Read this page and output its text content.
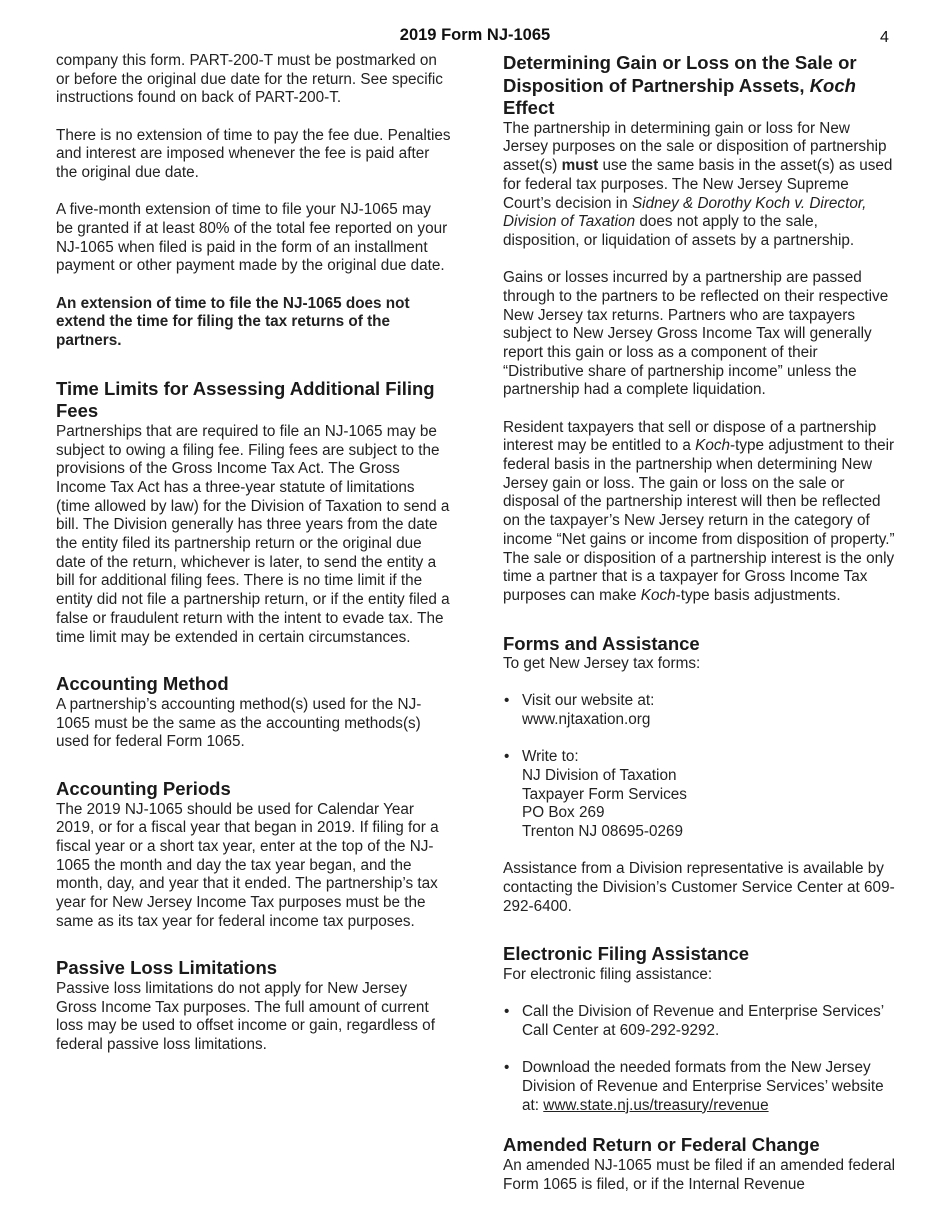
2019 Form NJ-1065	4

company this form. PART-200-T must be postmarked on or before the original due date for the return. See specific instructions found on back of PART-200-T.

There is no extension of time to pay the fee due. Penalties and interest are imposed whenever the fee is paid after the original due date.

A five-month extension of time to file your NJ-1065 may be granted if at least 80% of the total fee reported on your NJ-1065 when filed is paid in the form of an installment payment or other payment made by the original due date.

An extension of time to file the NJ-1065 does not extend the time for filing the tax returns of the partners.

Time Limits for Assessing Additional Filing Fees

Partnerships that are required to file an NJ-1065 may be subject to owing a filing fee. Filing fees are subject to the provisions of the Gross Income Tax Act. The Gross Income Tax Act has a three-year statute of limitations (time allowed by law) for the Division of Taxation to send a bill. The Division generally has three years from the date the entity filed its partnership return or the original due date of the return, whichever is later, to send the entity a bill for additional filing fees. There is no time limit if the entity did not file a partnership return, or if the entity filed a false or fraudulent return with the intent to evade tax. The time limit may be extended in certain circumstances.

Accounting Method

A partnership’s accounting method(s) used for the NJ-1065 must be the same as the accounting methods(s) used for federal Form 1065.

Accounting Periods

The 2019 NJ-1065 should be used for Calendar Year 2019, or for a fiscal year that began in 2019. If filing for a fiscal year or a short tax year, enter at the top of the NJ-1065 the month and day the tax year began, and the month, day, and year that it ended. The partnership’s tax year for New Jersey Income Tax purposes must be the same as its tax year for federal income tax purposes.

Passive Loss Limitations

Passive loss limitations do not apply for New Jersey Gross Income Tax purposes. The full amount of current loss may be used to offset income or gain, regardless of federal passive loss limitations.

Determining Gain or Loss on the Sale or Disposition of Partnership Assets, Koch Effect

The partnership in determining gain or loss for New Jersey purposes on the sale or disposition of partnership asset(s) must use the same basis in the asset(s) as used for federal tax purposes. The New Jersey Supreme Court’s decision in Sidney & Dorothy Koch v. Director, Division of Taxation does not apply to the sale, disposition, or liquidation of assets by a partnership.

Gains or losses incurred by a partnership are passed through to the partners to be reflected on their respective New Jersey tax returns. Partners who are taxpayers subject to New Jersey Gross Income Tax will generally report this gain or loss as a component of their “Distributive share of partnership income” unless the partnership had a complete liquidation.

Resident taxpayers that sell or dispose of a partnership interest may be entitled to a Koch-type adjustment to their federal basis in the partnership when determining New Jersey gain or loss. The gain or loss on the sale or disposal of the partnership interest will then be reflected on the taxpayer’s New Jersey return in the category of income “Net gains or income from disposition of property.” The sale or disposition of a partnership interest is the only time a partner that is a taxpayer for Gross Income Tax purposes can make Koch-type basis adjustments.

Forms and Assistance

To get New Jersey tax forms:

• Visit our website at:
www.njtaxation.org
• Write to:
NJ Division of Taxation
Taxpayer Form Services
PO Box 269
Trenton NJ 08695-0269

Assistance from a Division representative is available by contacting the Division’s Customer Service Center at 609-292-6400.

Electronic Filing Assistance

For electronic filing assistance:

• Call the Division of Revenue and Enterprise Services’ Call Center at 609-292-9292.
• Download the needed formats from the New Jersey Division of Revenue and Enterprise Services’ website at: www.state.nj.us/treasury/revenue
Amended Return or Federal Change

An amended NJ-1065 must be filed if an amended federal Form 1065 is filed, or if the Internal Revenue
